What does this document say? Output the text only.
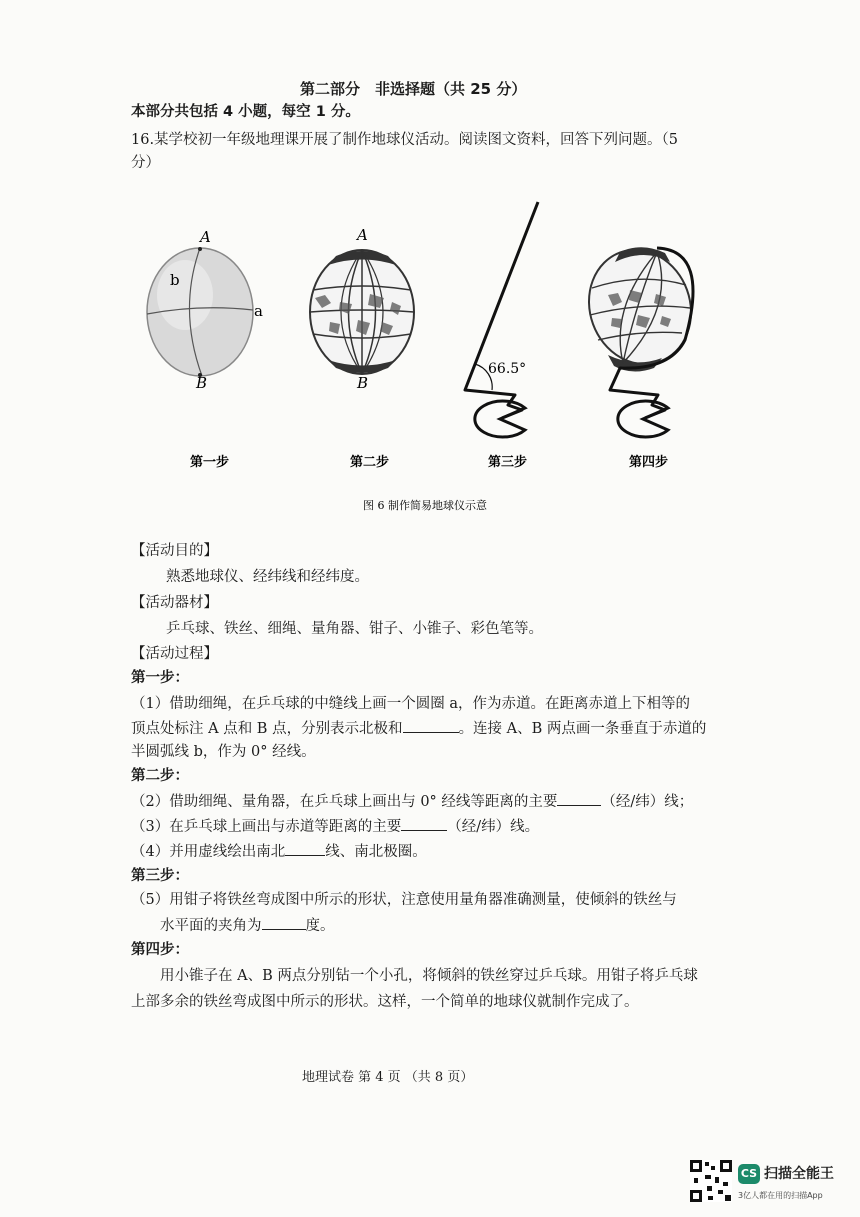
第二部分　非选择题（共 25 分）
本部分共包括 4 小题，每空 1 分。
16.某学校初一年级地理课开展了制作地球仪活动。阅读图文资料，回答下列问题。（5
分）
A
B
b
a
A
B
66.5°
第一步	第二步	第三步	第四步
图 6 制作简易地球仪示意
【活动目的】
熟悉地球仪、经纬线和经纬度。
【活动器材】
乒乓球、铁丝、细绳、量角器、钳子、小锥子、彩色笔等。
【活动过程】
第一步：
（1）借助细绳，在乒乓球的中缝线上画一个圆圈 a，作为赤道。在距离赤道上下相等的
顶点处标注 A 点和 B 点，分别表示北极和	。连接 A、B 两点画一条垂直于赤道的
半圆弧线 b，作为 0° 经线。
第二步：
（2）借助细绳、量角器，在乒乓球上画出与 0° 经线等距离的主要	（经/纬）线；
（3）在乒乓球上画出与赤道等距离的主要	（经/纬）线。
（4）并用虚线绘出南北	线、南北极圈。
第三步：
（5）用钳子将铁丝弯成图中所示的形状，注意使用量角器准确测量，使倾斜的铁丝与
水平面的夹角为	度。
第四步：
用小锥子在 A、B 两点分别钻一个小孔，将倾斜的铁丝穿过乒乓球。用钳子将乒乓球
上部多余的铁丝弯成图中所示的形状。这样，一个简单的地球仪就制作完成了。
地理试卷 第 4 页 （共 8 页）
CS 扫描全能王
3亿人都在用的扫描App
